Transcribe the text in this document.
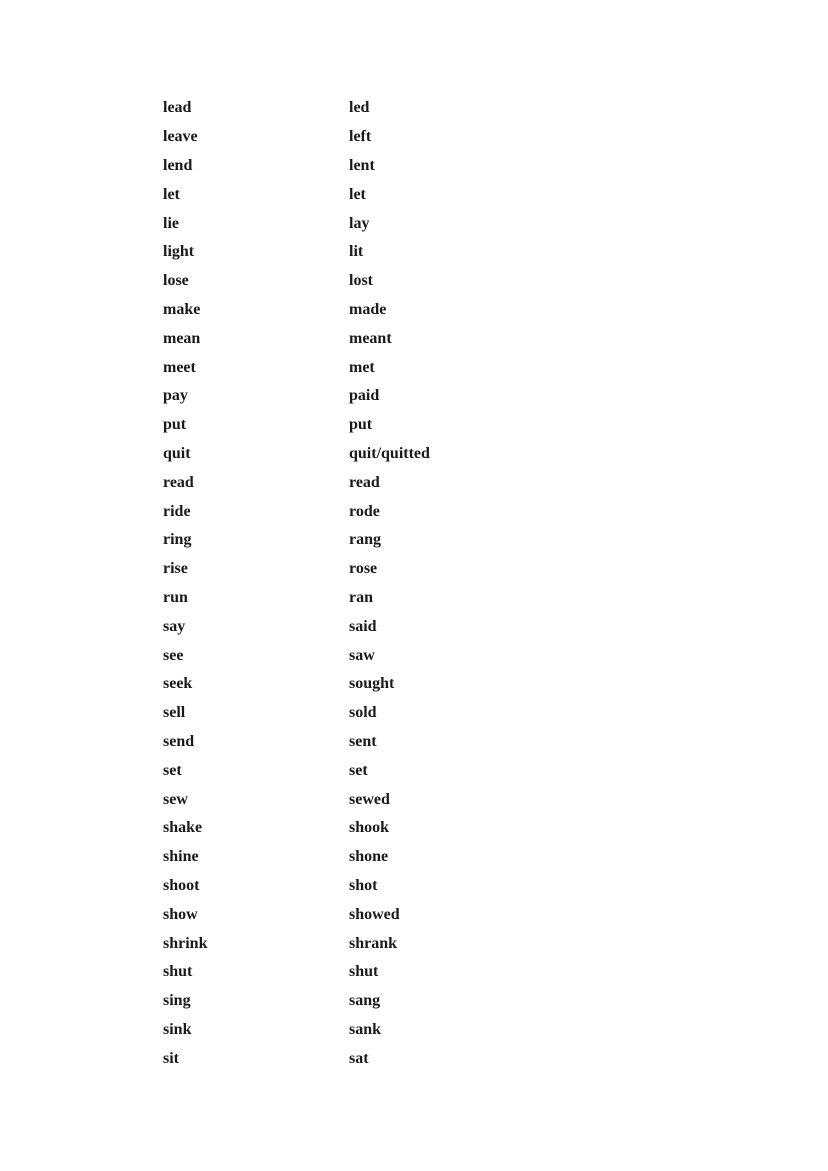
lead	led
leave	left
lend	lent
let	let
lie	lay
light	lit
lose	lost
make	made
mean	meant
meet	met
pay	paid
put	put
quit	quit/quitted
read	read
ride	rode
ring	rang
rise	rose
run	ran
say	said
see	saw
seek	sought
sell	sold
send	sent
set	set
sew	sewed
shake	shook
shine	shone
shoot	shot
show	showed
shrink	shrank
shut	shut
sing	sang
sink	sank
sit	sat
